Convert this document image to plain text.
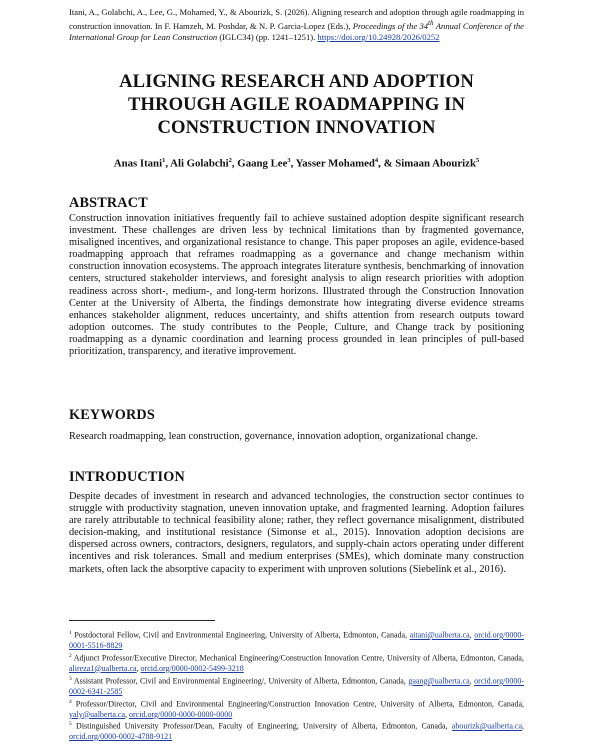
Itani, A., Golabchi, A., Lee, G., Mohamed, Y., & Abourizk, S. (2026). Aligning research and adoption through agile roadmapping in construction innovation. In F. Hamzeh, M. Poshdar, & N. P. Garcia-Lopez (Eds.), Proceedings of the 34th Annual Conference of the International Group for Lean Construction (IGLC34) (pp. 1241–1251). https://doi.org/10.24928/2026/0252
ALIGNING RESEARCH AND ADOPTION
THROUGH AGILE ROADMAPPING IN
CONSTRUCTION INNOVATION
Anas Itani$^1$, Ali Golabchi$^2$, Gaang Lee$^3$, Yasser Mohamed$^4$, & Simaan Abourizk$^5$
ABSTRACT
Construction innovation initiatives frequently fail to achieve sustained adoption despite significant research investment. These challenges are driven less by technical limitations than by fragmented governance, misaligned incentives, and organizational resistance to change. This paper proposes an agile, evidence-based roadmapping approach that reframes roadmapping as a governance and change mechanism within construction innovation ecosystems. The approach integrates literature synthesis, benchmarking of innovation centers, structured stakeholder interviews, and foresight analysis to align research priorities with adoption readiness across short-, medium-, and long-term horizons. Illustrated through the Construction Innovation Center at the University of Alberta, the findings demonstrate how integrating diverse evidence streams enhances stakeholder alignment, reduces uncertainty, and shifts attention from research outputs toward adoption outcomes. The study contributes to the People, Culture, and Change track by positioning roadmapping as a dynamic coordination and learning process grounded in lean principles of pull-based prioritization, transparency, and iterative improvement.
KEYWORDS
Research roadmapping, lean construction, governance, innovation adoption, organizational change.
INTRODUCTION
Despite decades of investment in research and advanced technologies, the construction sector continues to struggle with productivity stagnation, uneven innovation uptake, and fragmented learning. Adoption failures are rarely attributable to technical feasibility alone; rather, they reflect governance misalignment, distributed decision-making, and institutional resistance (Simonse et al., 2015). Innovation adoption decisions are dispersed across owners, contractors, designers, regulators, and supply-chain actors operating under different incentives and risk tolerances. Small and medium enterprises (SMEs), which dominate many construction markets, often lack the absorptive capacity to experiment with unproven solutions (Siebelink et al., 2016).
$^1$ Postdoctoral Fellow, Civil and Environmental Engineering, University of Alberta, Edmonton, Canada, aitani@ualberta.ca, orcid.org/0000-0001-5516-8829
$^2$ Adjunct Professor/Executive Director, Mechanical Engineering/Construction Innovation Centre, University of Alberta, Edmonton, Canada, alireza1@ualberta.ca, orcid.org/0000-0002-5499-3218
$^3$ Assistant Professor, Civil and Environmental Engineering/, University of Alberta, Edmonton, Canada, gaang@ualberta.ca, orcid.org/0000-0002-6341-2585
$^4$ Professor/Director, Civil and Environmental Engineering/Construction Innovation Centre, University of Alberta, Edmonton, Canada, yaly@ualberta.ca, orcid.org/0000-0000-0000-0000
$^5$ Distinguished University Professor/Dean, Faculty of Engineering, University of Alberta, Edmonton, Canada, abourizk@ualberta.ca, orcid.org/0000-0002-4788-9121
